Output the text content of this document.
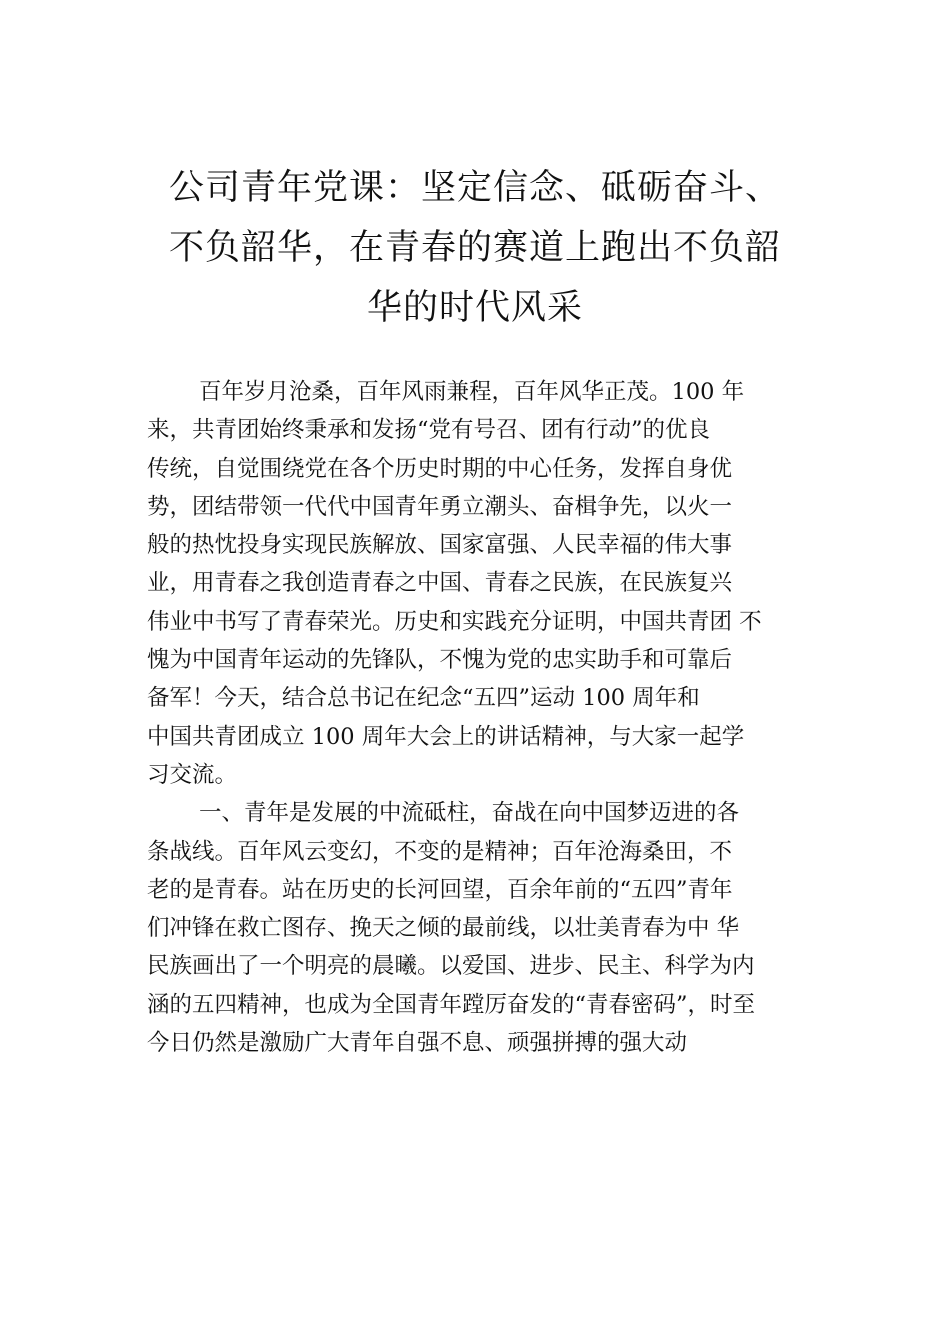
公司青年党课：坚定信念、砥砺奋斗、
不负韶华，在青春的赛道上跑出不负韶
华的时代风采
百年岁月沧桑，百年风雨兼程，百年风华正茂。100 年
来，共青团始终秉承和发扬“党有号召、团有行动”的优良
传统，自觉围绕党在各个历史时期的中心任务，发挥自身优
势，团结带领一代代中国青年勇立潮头、奋楫争先，以火一
般的热忱投身实现民族解放、国家富强、人民幸福的伟大事
业，用青春之我创造青春之中国、青春之民族，在民族复兴
伟业中书写了青春荣光。历史和实践充分证明，中国共青团 不
愧为中国青年运动的先锋队，不愧为党的忠实助手和可靠后
备军！今天，结合总书记在纪念“五四”运动 100 周年和
中国共青团成立 100 周年大会上的讲话精神，与大家一起学
习交流。
一、青年是发展的中流砥柱，奋战在向中国梦迈进的各
条战线。百年风云变幻，不变的是精神；百年沧海桑田，不
老的是青春。站在历史的长河回望，百余年前的“五四”青年
们冲锋在救亡图存、挽天之倾的最前线，以壮美青春为中 华
民族画出了一个明亮的晨曦。以爱国、进步、民主、科学为内
涵的五四精神，也成为全国青年蹚厉奋发的“青春密码”，时至
今日仍然是激励广大青年自强不息、顽强拼搏的强大动
